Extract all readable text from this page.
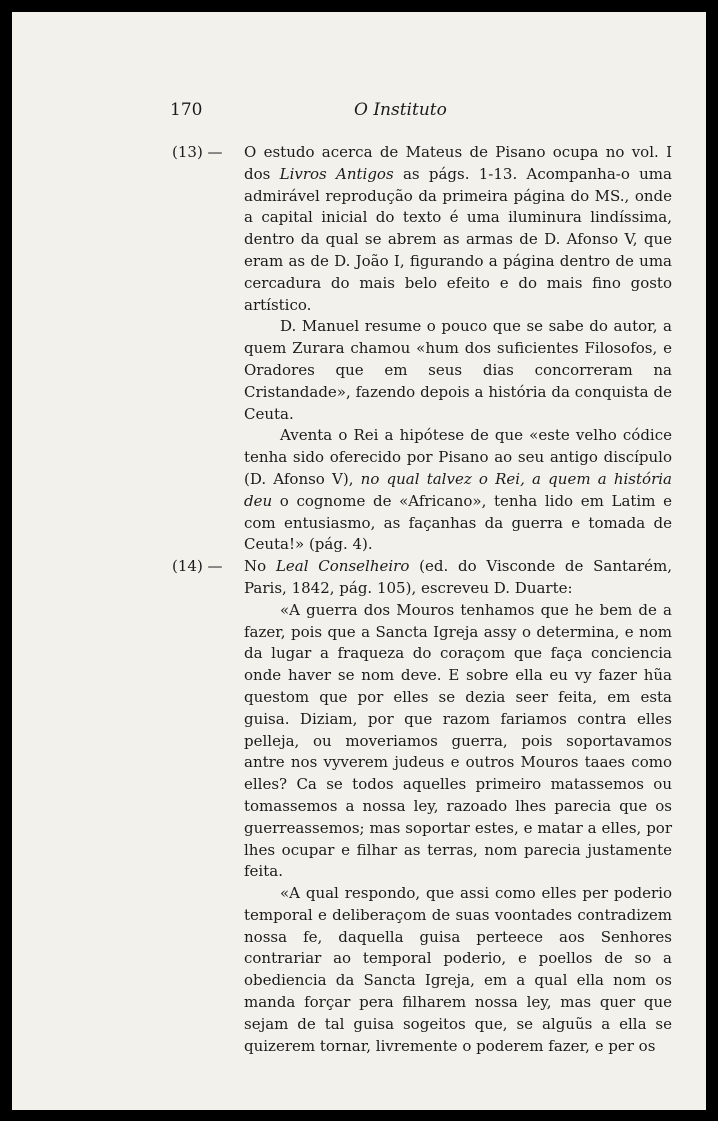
170	O Instituto
(13) — O estudo acerca de Mateus de Pisano ocupa no vol. I dos Livros Antigos as págs. 1-13. Acompanha-o uma admirável reprodução da primeira página do MS., onde a capital inicial do texto é uma iluminura lindíssima, dentro da qual se abrem as armas de D. Afonso V, que eram as de D. João I, figurando a página dentro de uma cercadura do mais belo efeito e do mais fino gosto artístico.

D. Manuel resume o pouco que se sabe do autor, a quem Zurara chamou «hum dos suficientes Filosofos, e Oradores que em seus dias concorreram na Cristandade», fazendo depois a história da conquista de Ceuta.

Aventa o Rei a hipótese de que «este velho códice tenha sido oferecido por Pisano ao seu antigo discípulo (D. Afonso V), no qual talvez o Rei, a quem a história deu o cognome de «Africano», tenha lido em Latim e com entusiasmo, as façanhas da guerra e tomada de Ceuta!» (pág. 4).

(14) — No Leal Conselheiro (ed. do Visconde de Santarém, Paris, 1842, pág. 105), escreveu D. Duarte:

«A guerra dos Mouros tenhamos que he bem de a fazer, pois que a Sancta Igreja assy o determina, e nom da lugar a fraqueza do coraçom que faça conciencia onde haver se nom deve. E sobre ella eu vy fazer hũa questom que por elles se dezia seer feita, em esta guisa. Diziam, por que razom fariamos contra elles pelleja, ou moveriamos guerra, pois soportavamos antre nos vyverem judeus e outros Mouros taaes como elles? Ca se todos aquelles primeiro matassemos ou tomassemos a nossa ley, razoado lhes parecia que os guerreassemos; mas soportar estes, e matar a elles, por lhes ocupar e filhar as terras, nom parecia justamente feita.

«A qual respondo, que assi como elles per poderio temporal e deliberaçom de suas voontades contradizem nossa fe, daquella guisa perteece aos Senhores contrariar ao temporal poderio, e poellos de so a obediencia da Sancta Igreja, em a qual ella nom os manda forçar pera filharem nossa ley, mas quer que sejam de tal guisa sogeitos que, se alguũs a ella se quizerem tornar, livremente o poderem fazer, e per os
